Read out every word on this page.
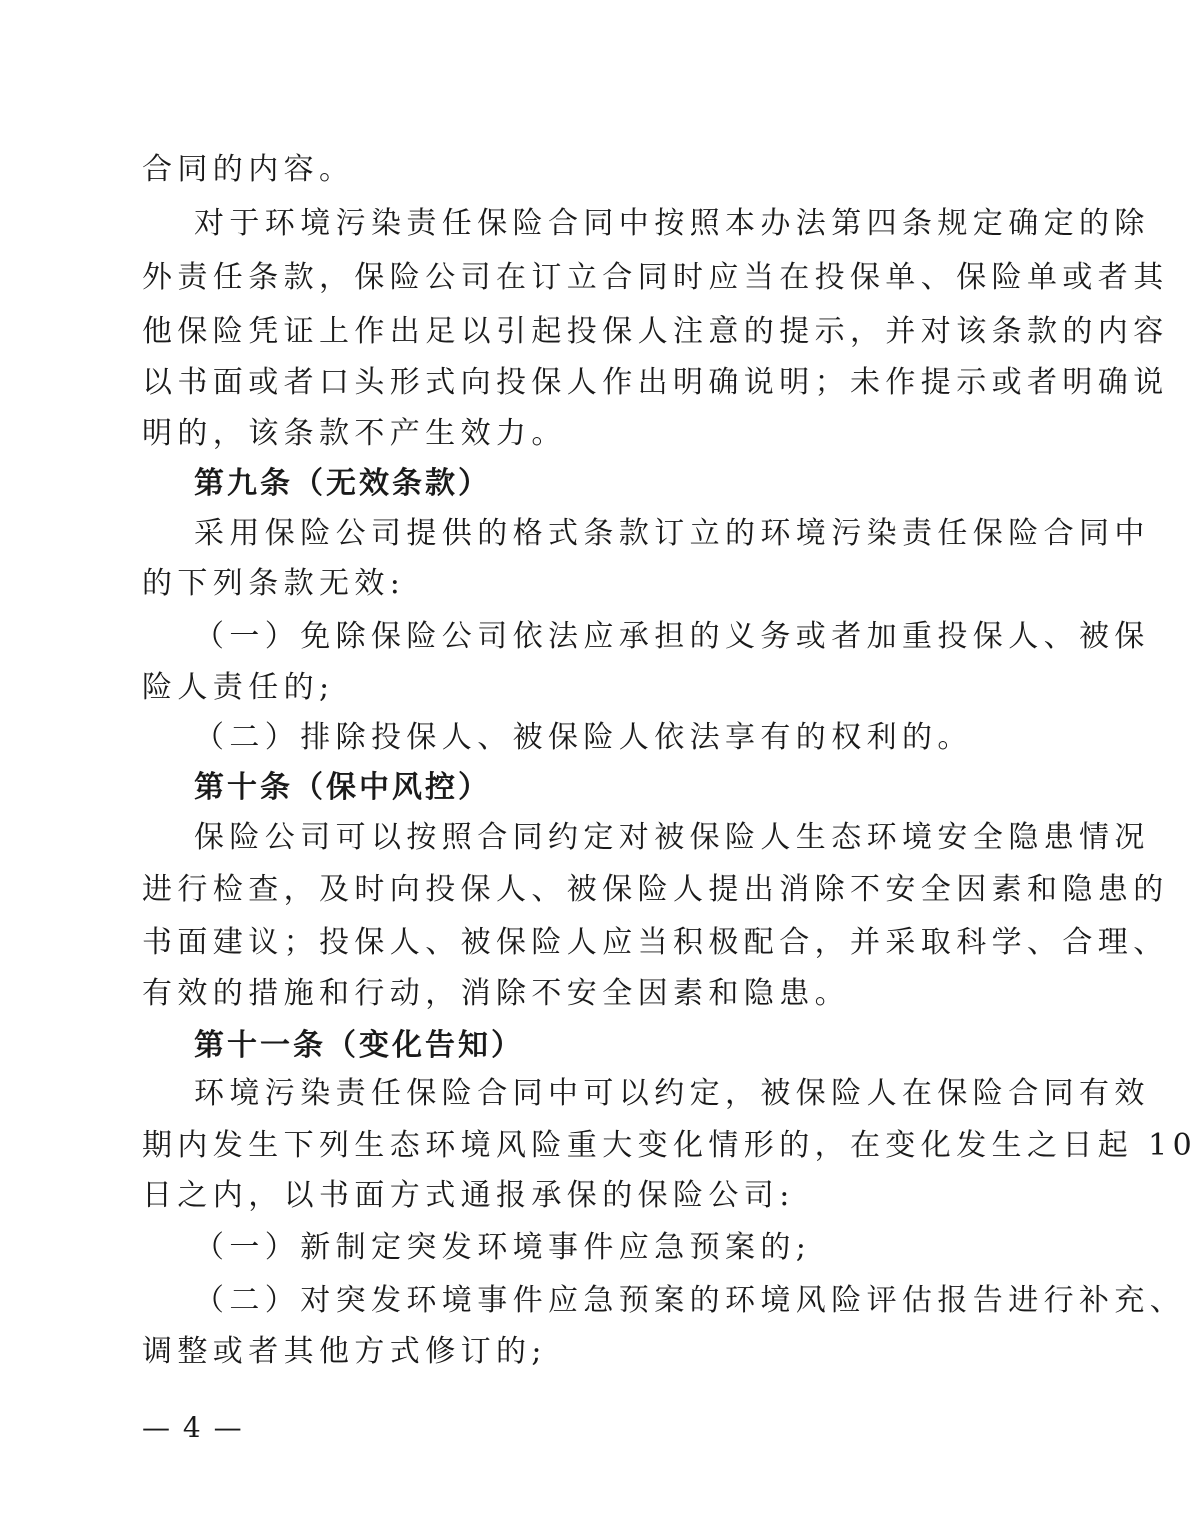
合同的内容。
对于环境污染责任保险合同中按照本办法第四条规定确定的除
外责任条款，保险公司在订立合同时应当在投保单、保险单或者其
他保险凭证上作出足以引起投保人注意的提示，并对该条款的内容
以书面或者口头形式向投保人作出明确说明；未作提示或者明确说
明的，该条款不产生效力。
第九条（无效条款）
采用保险公司提供的格式条款订立的环境污染责任保险合同中
的下列条款无效:
（一）免除保险公司依法应承担的义务或者加重投保人、被保
险人责任的;
（二）排除投保人、被保险人依法享有的权利的。
第十条（保中风控）
保险公司可以按照合同约定对被保险人生态环境安全隐患情况
进行检查，及时向投保人、被保险人提出消除不安全因素和隐患的
书面建议；投保人、被保险人应当积极配合，并采取科学、合理、
有效的措施和行动，消除不安全因素和隐患。
第十一条（变化告知）
环境污染责任保险合同中可以约定，被保险人在保险合同有效
期内发生下列生态环境风险重大变化情形的，在变化发生之日起 10
日之内，以书面方式通报承保的保险公司:
（一）新制定突发环境事件应急预案的;
（二）对突发环境事件应急预案的环境风险评估报告进行补充、
调整或者其他方式修订的;
— 4 —
